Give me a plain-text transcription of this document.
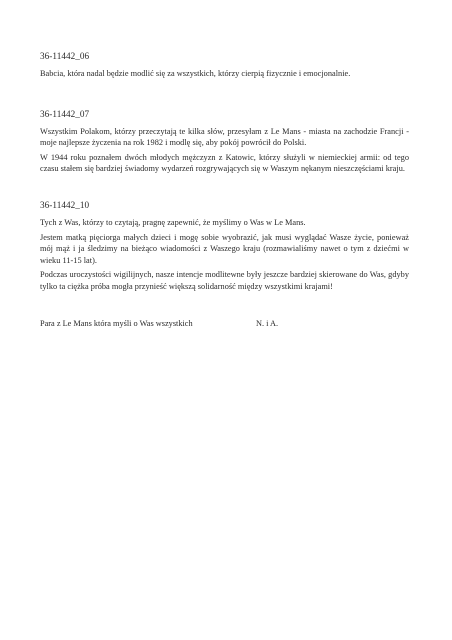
36-11442_06

Babcia, która nadal będzie modlić się za wszystkich, którzy cierpią fizycznie i emocjonalnie.

36-11442_07

Wszystkim Polakom, którzy przeczytają te kilka słów, przesyłam z Le Mans - miasta na zachodzie Francji - moje najlepsze życzenia na rok 1982 i modlę się, aby pokój powrócił do Polski.

W 1944 roku poznałem dwóch młodych mężczyzn z Katowic, którzy służyli w niemieckiej armii: od tego czasu stałem się bardziej świadomy wydarzeń rozgrywających się w Waszym nękanym nieszczęściami kraju.

36-11442_10

Tych z Was, którzy to czytają, pragnę zapewnić, że myślimy o Was w Le Mans.

Jestem matką pięciorga małych dzieci i mogę sobie wyobrazić, jak musi wyglądać Wasze życie, ponieważ mój mąż i ja śledzimy na bieżąco wiadomości z Waszego kraju (rozmawialiśmy nawet o tym z dziećmi w wieku 11-15 lat).

Podczas uroczystości wigilijnych, nasze intencje modlitewne były jeszcze bardziej skierowane do Was, gdyby tylko ta ciężka próba mogła przynieść większą solidarność między wszystkimi krajami!

Para z Le Mans która myśli o Was wszystkich	N. i A.
